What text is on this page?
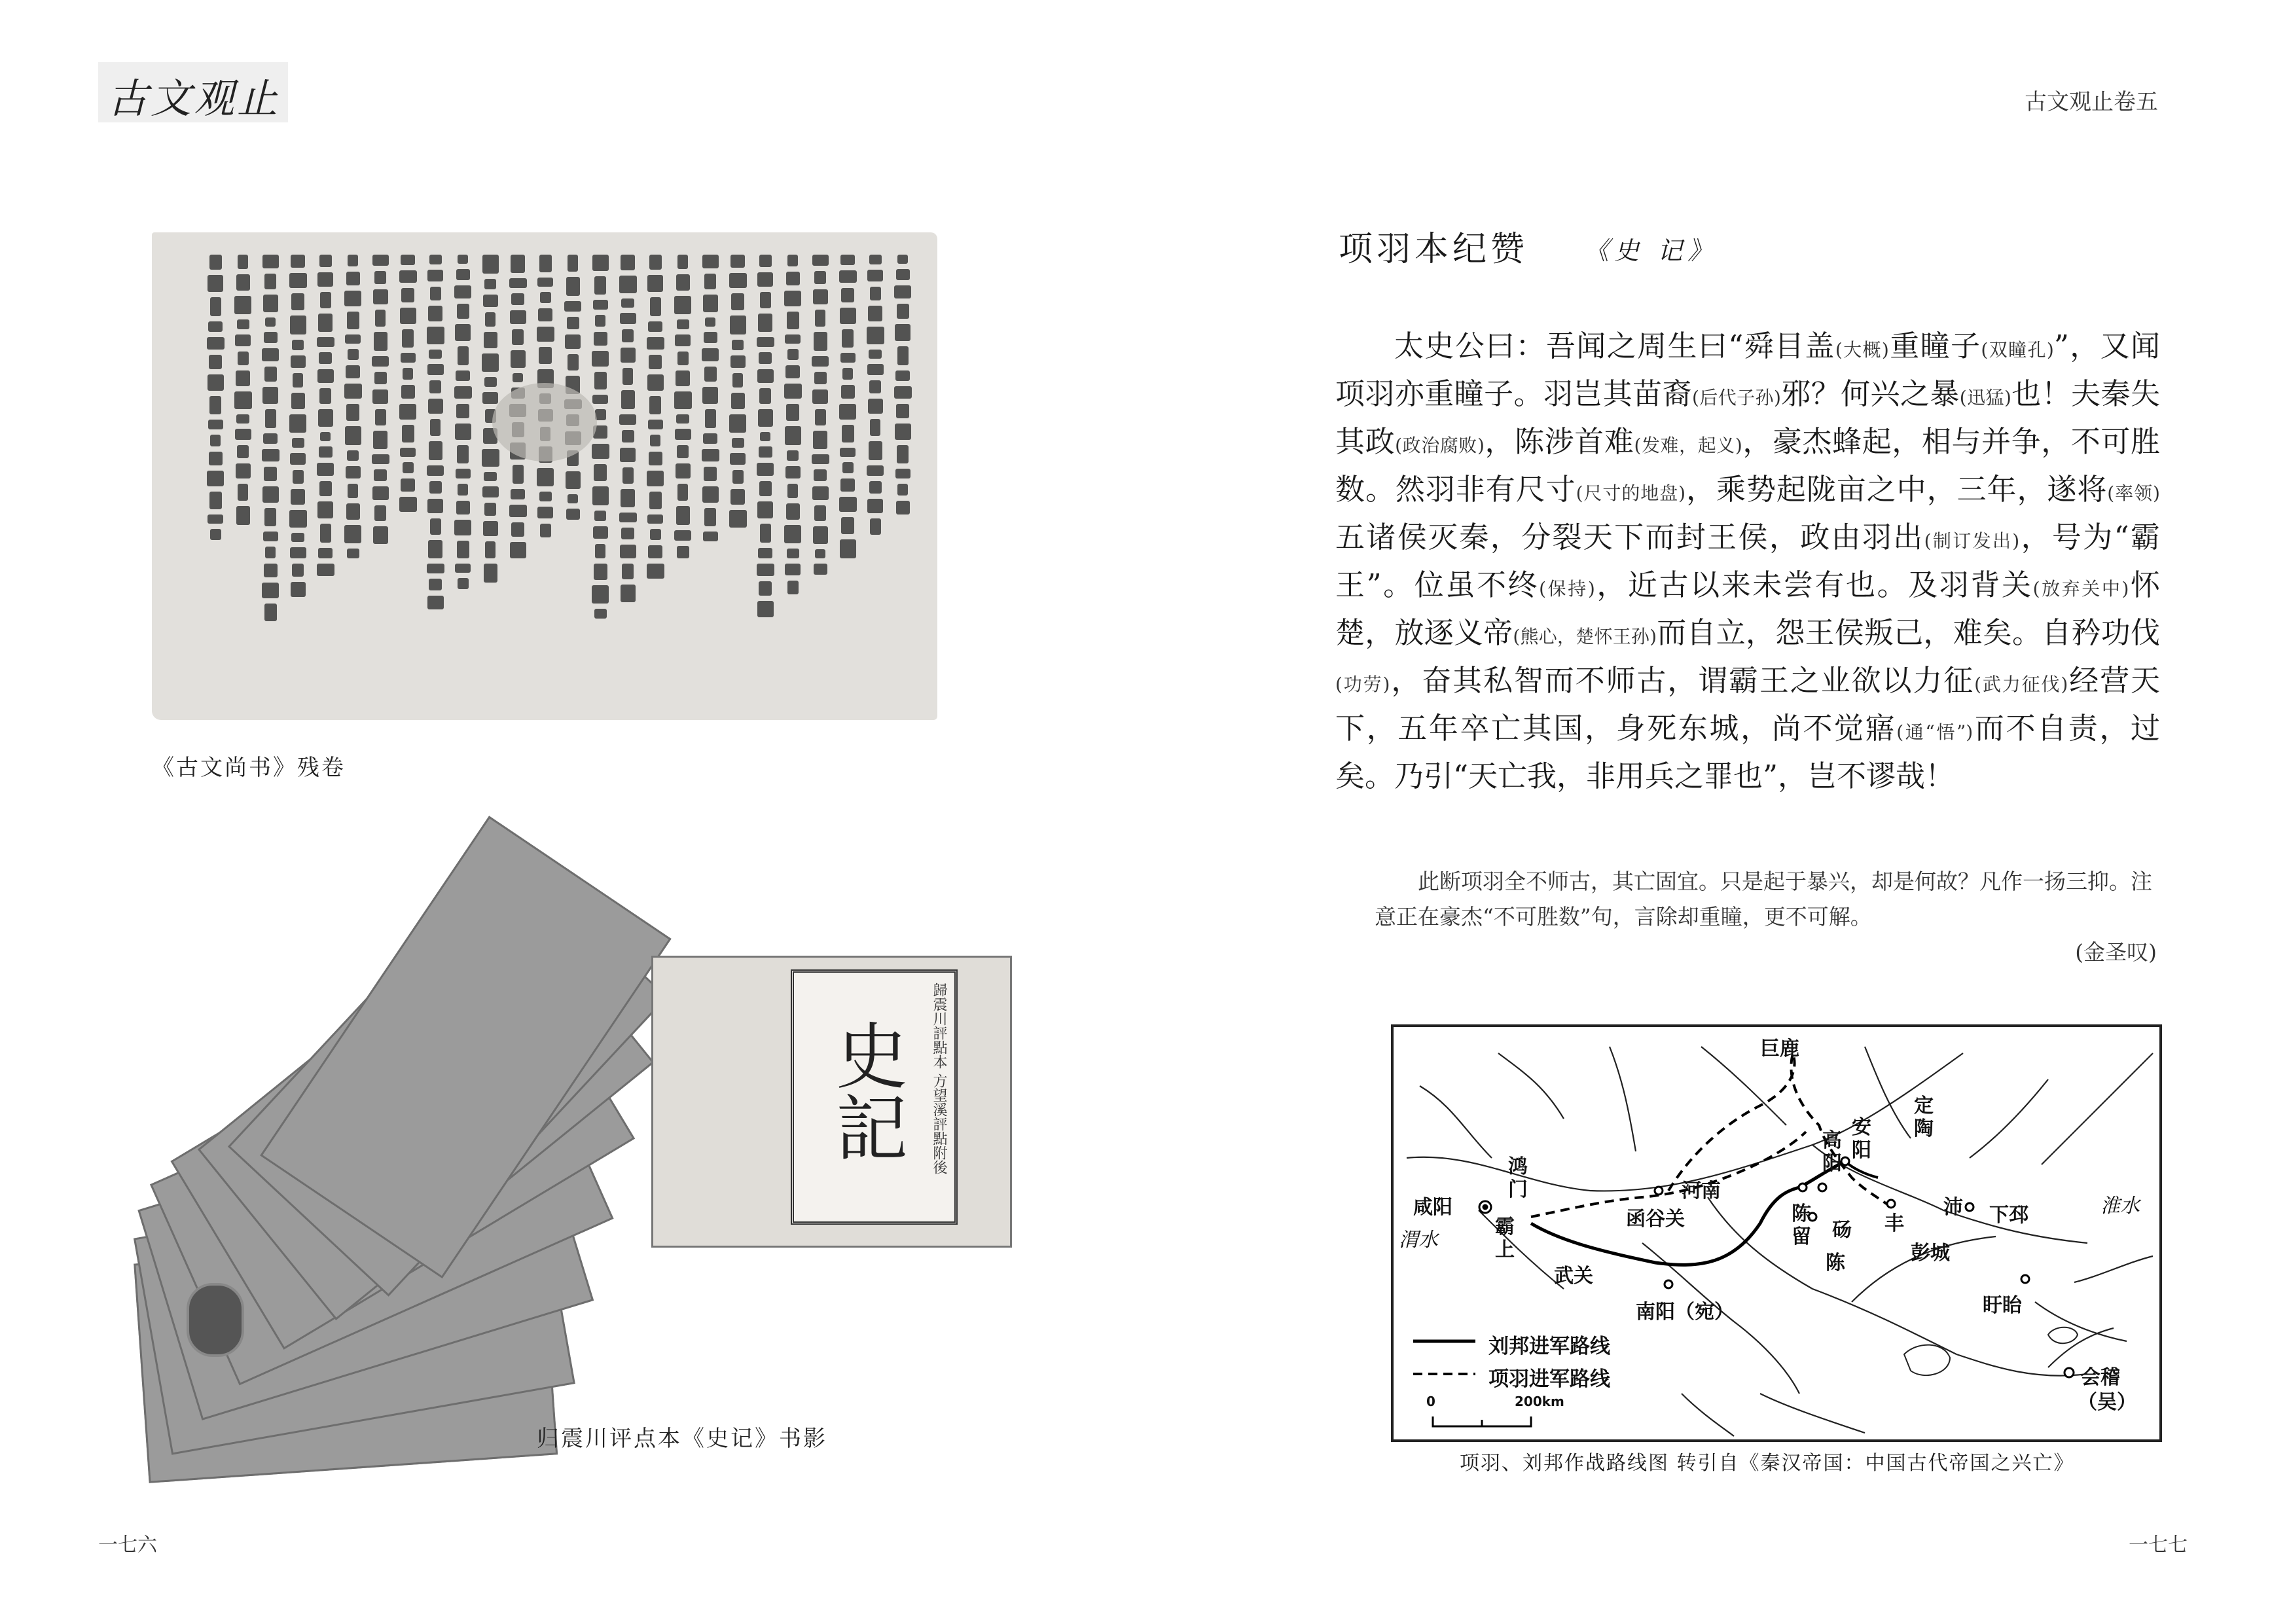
古文观止
《古文尚书》残卷
歸震川評點本 方望溪評點附後
史記
归震川评点本《史记》书影
一七六
古文观止卷五
项羽本纪赞 《史 记》

太史公曰：吾闻之周生曰“舜目盖(大概)重瞳子(双瞳孔)”，又闻项羽亦重瞳子。羽岂其苗裔(后代子孙)邪？何兴之暴(迅猛)也！夫秦失其政(政治腐败)，陈涉首难(发难，起义)，豪杰蜂起，相与并争，不可胜数。然羽非有尺寸(尺寸的地盘)，乘势起陇亩之中，三年，遂将(率领)五诸侯灭秦，分裂天下而封王侯，政由羽出(制订发出)，号为“霸王”。位虽不终(保持)，近古以来未尝有也。及羽背关(放弃关中)怀楚，放逐义帝(熊心，楚怀王孙)而自立，怨王侯叛己，难矣。自矜功伐(功劳)，奋其私智而不师古，谓霸王之业欲以力征(武力征伐)经营天下，五年卒亡其国，身死东城，尚不觉寤(通“悟”)而不自责，过矣。乃引“天亡我，非用兵之罪也”，岂不谬哉！

此断项羽全不师古，其亡固宜。只是起于暴兴，却是何故？凡作一扬三抑。注意正在豪杰“不可胜数”句，言除却重瞳，更不可解。

(金圣叹)

巨鹿
定
陶
安
阳
高
阳
咸阳
鸿
门
渭水
函谷关
河南
陈
留
丰
沛 下邳	淮水
砀
陈	彭城
霸
上
武关
南阳（宛）	盱眙
会稽
（吴）
刘邦进军路线
项羽进军路线
0	200km
项羽、刘邦作战路线图 转引自《秦汉帝国：中国古代帝国之兴亡》
一七七
